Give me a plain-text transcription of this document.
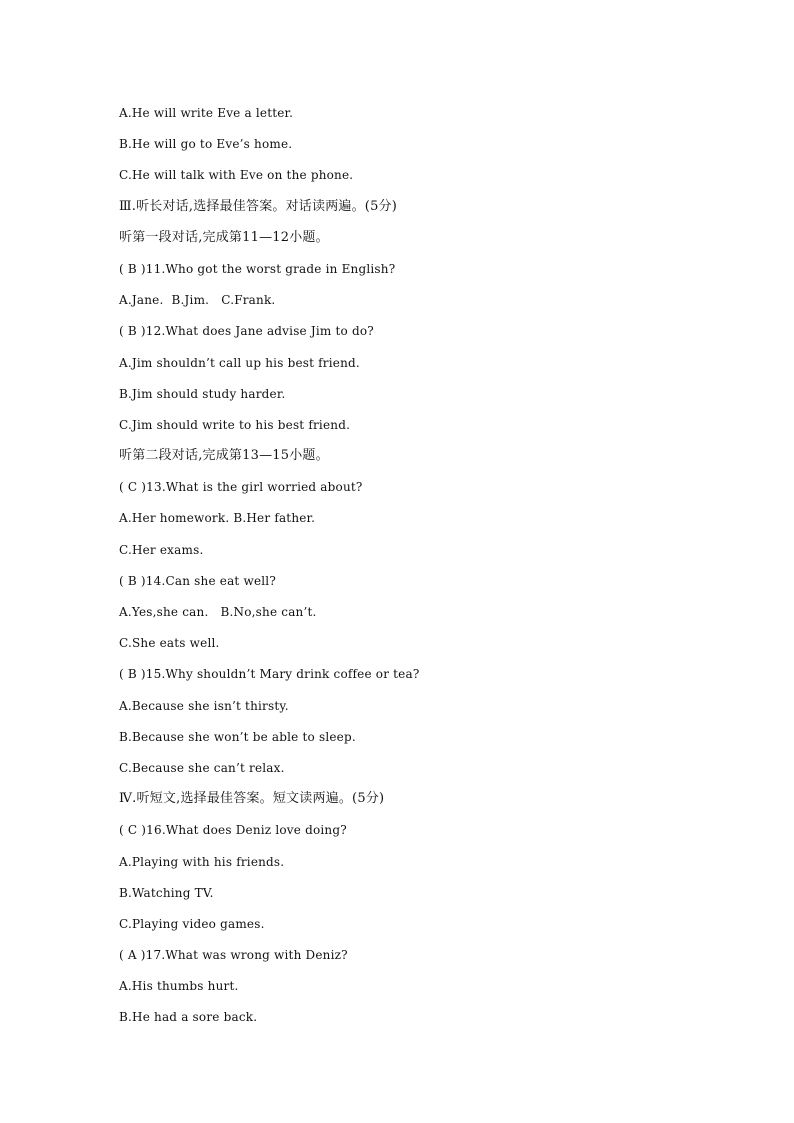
A.He will write Eve a letter.
B.He will go to Eve’s home.
C.He will talk with Eve on the phone.
Ⅲ.听长对话,选择最佳答案。对话读两遍。(5分)
听第一段对话,完成第11—12小题。
( B )11.Who got the worst grade in English?
A.Jane.  B.Jim.   C.Frank.
( B )12.What does Jane advise Jim to do?
A.Jim shouldn’t call up his best friend.
B.Jim should study harder.
C.Jim should write to his best friend.
听第二段对话,完成第13—15小题。
( C )13.What is the girl worried about?
A.Her homework. B.Her father.
C.Her exams.
( B )14.Can she eat well?
A.Yes,she can.   B.No,she can’t.
C.She eats well.
( B )15.Why shouldn’t Mary drink coffee or tea?
A.Because she isn’t thirsty.
B.Because she won’t be able to sleep.
C.Because she can’t relax.
Ⅳ.听短文,选择最佳答案。短文读两遍。(5分)
( C )16.What does Deniz love doing?
A.Playing with his friends.
B.Watching TV.
C.Playing video games.
( A )17.What was wrong with Deniz?
A.His thumbs hurt.
B.He had a sore back.
